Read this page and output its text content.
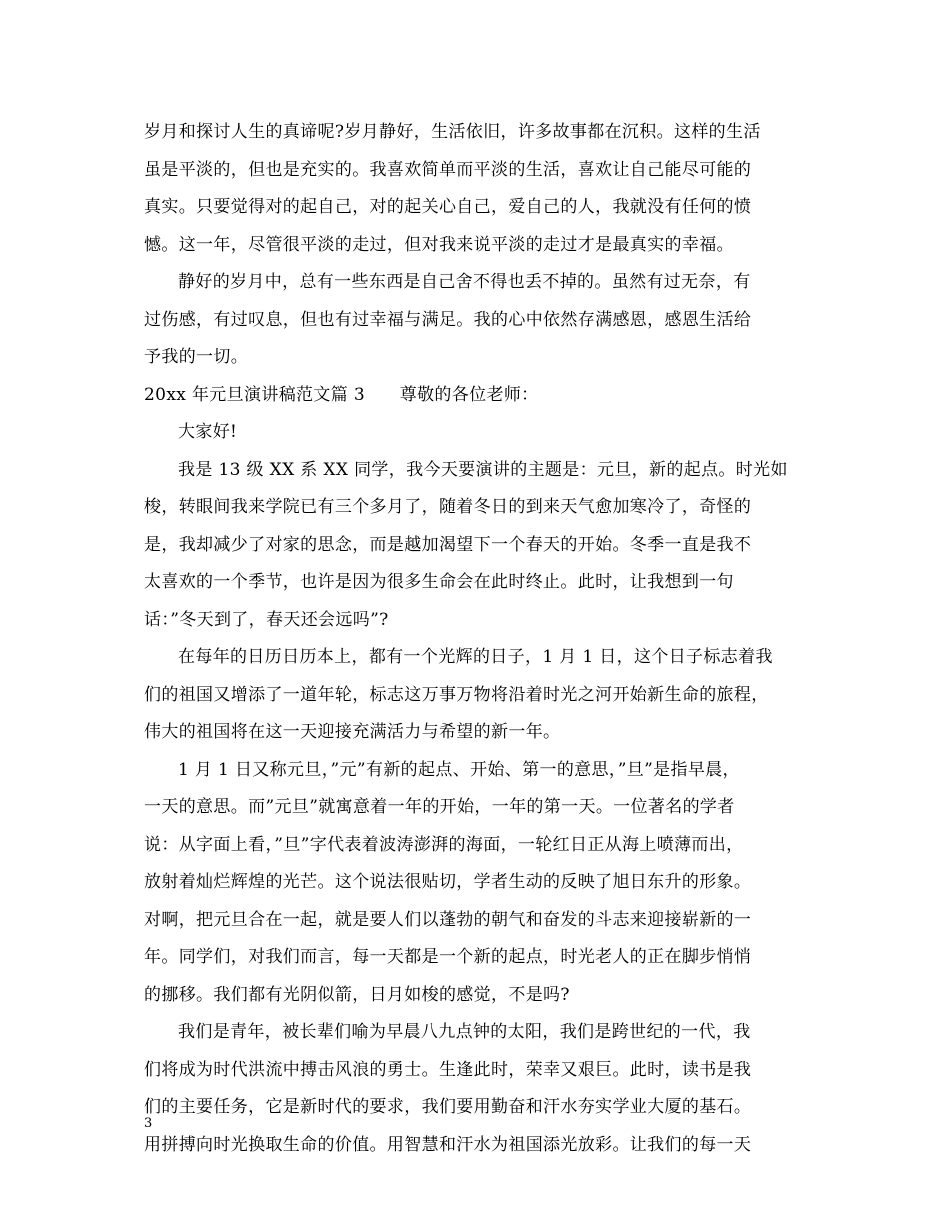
岁月和探讨人生的真谛呢?岁月静好，生活依旧，许多故事都在沉积。这样的生活
虽是平淡的，但也是充实的。我喜欢简单而平淡的生活，喜欢让自己能尽可能的
真实。只要觉得对的起自己，对的起关心自己，爱自己的人，我就没有任何的愤
憾。这一年，尽管很平淡的走过，但对我来说平淡的走过才是最真实的幸福。
静好的岁月中，总有一些东西是自己舍不得也丢不掉的。虽然有过无奈，有
过伤感，有过叹息，但也有过幸福与满足。我的心中依然存满感恩，感恩生活给
予我的一切。
20xx 年元旦演讲稿范文篇 3　　尊敬的各位老师：
大家好!
我是 13 级 XX 系 XX 同学，我今天要演讲的主题是：元旦，新的起点。时光如
梭，转眼间我来学院已有三个多月了，随着冬日的到来天气愈加寒冷了，奇怪的
是，我却减少了对家的思念，而是越加渴望下一个春天的开始。冬季一直是我不
太喜欢的一个季节，也许是因为很多生命会在此时终止。此时，让我想到一句
话：”冬天到了，春天还会远吗”?
在每年的日历日历本上，都有一个光辉的日子，1 月 1 日，这个日子标志着我
们的祖国又增添了一道年轮，标志这万事万物将沿着时光之河开始新生命的旅程，
伟大的祖国将在这一天迎接充满活力与希望的新一年。
1 月 1 日又称元旦，”元”有新的起点、开始、第一的意思，”旦”是指早晨，
一天的意思。而”元旦”就寓意着一年的开始，一年的第一天。一位著名的学者
说：从字面上看，”旦”字代表着波涛澎湃的海面，一轮红日正从海上喷薄而出，
放射着灿烂辉煌的光芒。这个说法很贴切，学者生动的反映了旭日东升的形象。
对啊，把元旦合在一起，就是要人们以蓬勃的朝气和奋发的斗志来迎接崭新的一
年。同学们，对我们而言，每一天都是一个新的起点，时光老人的正在脚步悄悄
的挪移。我们都有光阴似箭，日月如梭的感觉，不是吗?
我们是青年，被长辈们喻为早晨八九点钟的太阳，我们是跨世纪的一代，我
们将成为时代洪流中搏击风浪的勇士。生逢此时，荣幸又艰巨。此时，读书是我
们的主要任务，它是新时代的要求，我们要用勤奋和汗水夯实学业大厦的基石。
用拼搏向时光换取生命的价值。用智慧和汗水为祖国添光放彩。让我们的每一天
3
